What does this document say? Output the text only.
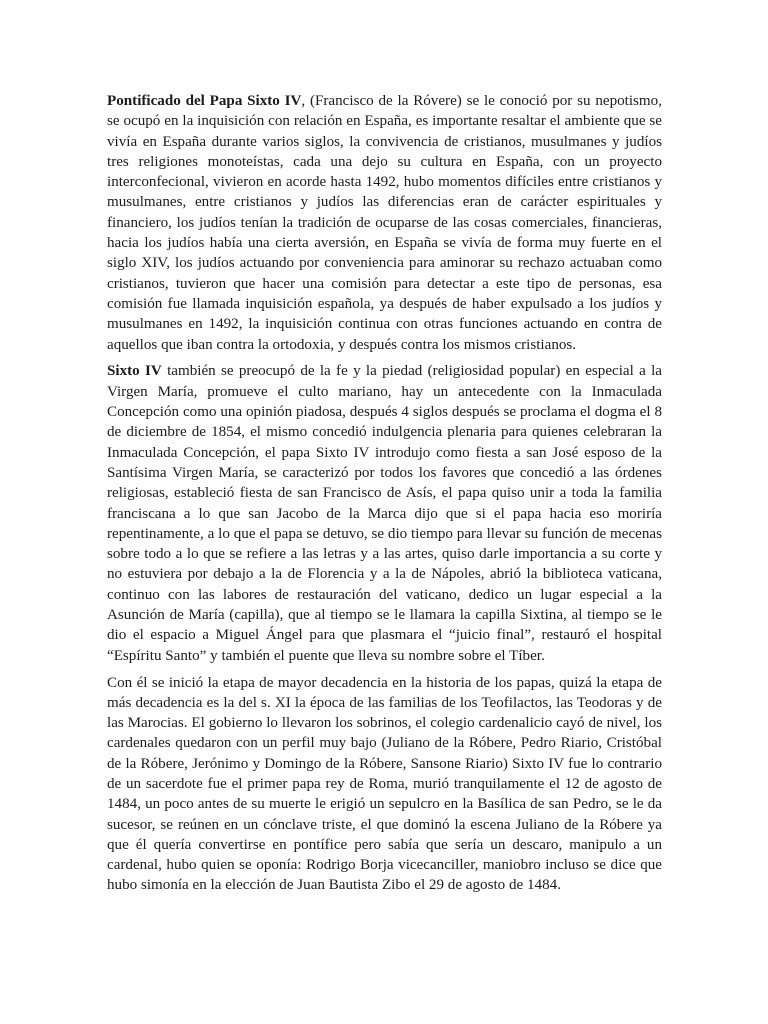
Pontificado del Papa Sixto IV, (Francisco de la Róvere) se le conoció por su nepotismo, se ocupó en la inquisición con relación en España, es importante resaltar el ambiente que se vivía en España durante varios siglos, la convivencia de cristianos, musulmanes y judíos tres religiones monoteístas, cada una dejo su cultura en España, con un proyecto interconfecional, vivieron en acorde hasta 1492, hubo momentos difíciles entre cristianos y musulmanes, entre cristianos y judíos las diferencias eran de carácter espirituales y financiero, los judíos tenían la tradición de ocuparse de las cosas comerciales, financieras, hacia los judíos había una cierta aversión, en España se vivía de forma muy fuerte en el siglo XIV, los judíos actuando por conveniencia para aminorar su rechazo actuaban como cristianos, tuvieron que hacer una comisión para detectar a este tipo de personas, esa comisión fue llamada inquisición española, ya después de haber expulsado a los judíos y musulmanes en 1492, la inquisición continua con otras funciones actuando en contra de aquellos que iban contra la ortodoxia, y después contra los mismos cristianos.

Sixto IV también se preocupó de la fe y la piedad (religiosidad popular) en especial a la Virgen María, promueve el culto mariano, hay un antecedente con la Inmaculada Concepción como una opinión piadosa, después 4 siglos después se proclama el dogma el 8 de diciembre de 1854, el mismo concedió indulgencia plenaria para quienes celebraran la Inmaculada Concepción, el papa Sixto IV introdujo como fiesta a san José esposo de la Santísima Virgen María, se caracterizó por todos los favores que concedió a las órdenes religiosas, estableció fiesta de san Francisco de Asís, el papa quiso unir a toda la familia franciscana a lo que san Jacobo de la Marca dijo que si el papa hacia eso moriría repentinamente, a lo que el papa se detuvo, se dio tiempo para llevar su función de mecenas sobre todo a lo que se refiere a las letras y a las artes, quiso darle importancia a su corte y no estuviera por debajo a la de Florencia y a la de Nápoles, abrió la biblioteca vaticana, continuo con las labores de restauración del vaticano, dedico un lugar especial a la Asunción de María (capilla), que al tiempo se le llamara la capilla Sixtina, al tiempo se le dio el espacio a Miguel Ángel para que plasmara el “juicio final”, restauró el hospital “Espíritu Santo” y también el puente que lleva su nombre sobre el Tíber.

Con él se inició la etapa de mayor decadencia en la historia de los papas, quizá la etapa de más decadencia es la del s. XI la época de las familias de los Teofilactos, las Teodoras y de las Marocias. El gobierno lo llevaron los sobrinos, el colegio cardenalicio cayó de nivel, los cardenales quedaron con un perfil muy bajo (Juliano de la Róbere, Pedro Riario, Cristóbal de la Róbere, Jerónimo y Domingo de la Róbere, Sansone Riario) Sixto IV fue lo contrario de un sacerdote fue el primer papa rey de Roma, murió tranquilamente el 12 de agosto de 1484, un poco antes de su muerte le erigió un sepulcro en la Basílica de san Pedro, se le da sucesor, se reúnen en un cónclave triste, el que dominó la escena Juliano de la Róbere ya que él quería convertirse en pontífice pero sabía que sería un descaro, manipulo a un cardenal, hubo quien se oponía: Rodrigo Borja vicecanciller, maniobro incluso se dice que hubo simonía en la elección de Juan Bautista Zibo el 29 de agosto de 1484.
